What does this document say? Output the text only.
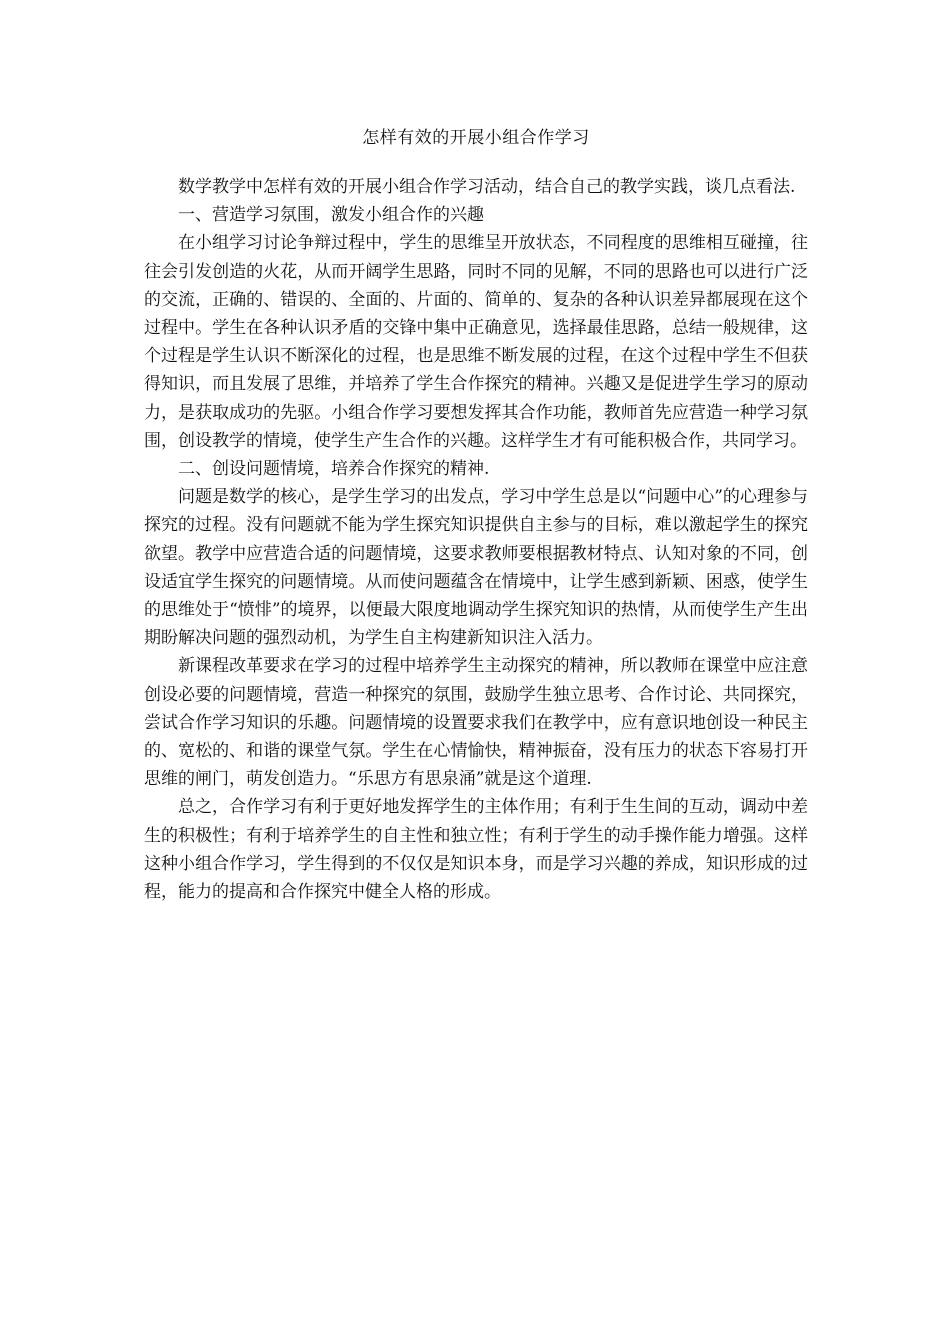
怎样有效的开展小组合作学习

数学教学中怎样有效的开展小组合作学习活动，结合自己的教学实践，谈几点看法.

一、营造学习氛围，激发小组合作的兴趣

在小组学习讨论争辩过程中，学生的思维呈开放状态，不同程度的思维相互碰撞，往往会引发创造的火花，从而开阔学生思路，同时不同的见解，不同的思路也可以进行广泛的交流，正确的、错误的、全面的、片面的、简单的、复杂的各种认识差异都展现在这个过程中。学生在各种认识矛盾的交锋中集中正确意见，选择最佳思路，总结一般规律，这个过程是学生认识不断深化的过程，也是思维不断发展的过程，在这个过程中学生不但获得知识，而且发展了思维，并培养了学生合作探究的精神。兴趣又是促进学生学习的原动力，是获取成功的先驱。小组合作学习要想发挥其合作功能，教师首先应营造一种学习氛围，创设教学的情境，使学生产生合作的兴趣。这样学生才有可能积极合作，共同学习。

二、创设问题情境，培养合作探究的精神.

问题是数学的核心，是学生学习的出发点，学习中学生总是以“问题中心”的心理参与探究的过程。没有问题就不能为学生探究知识提供自主参与的目标，难以激起学生的探究欲望。教学中应营造合适的问题情境，这要求教师要根据教材特点、认知对象的不同，创设适宜学生探究的问题情境。从而使问题蕴含在情境中，让学生感到新颖、困惑，使学生的思维处于“愤悱”的境界，以便最大限度地调动学生探究知识的热情，从而使学生产生出期盼解决问题的强烈动机，为学生自主构建新知识注入活力。

新课程改革要求在学习的过程中培养学生主动探究的精神，所以教师在课堂中应注意创设必要的问题情境，营造一种探究的氛围，鼓励学生独立思考、合作讨论、共同探究，尝试合作学习知识的乐趣。问题情境的设置要求我们在教学中，应有意识地创设一种民主的、宽松的、和谐的课堂气氛。学生在心情愉快，精神振奋，没有压力的状态下容易打开思维的闸门，萌发创造力。“乐思方有思泉涌”就是这个道理.

总之，合作学习有利于更好地发挥学生的主体作用；有利于生生间的互动，调动中差生的积极性；有利于培养学生的自主性和独立性；有利于学生的动手操作能力增强。这样这种小组合作学习，学生得到的不仅仅是知识本身，而是学习兴趣的养成，知识形成的过程，能力的提高和合作探究中健全人格的形成。
